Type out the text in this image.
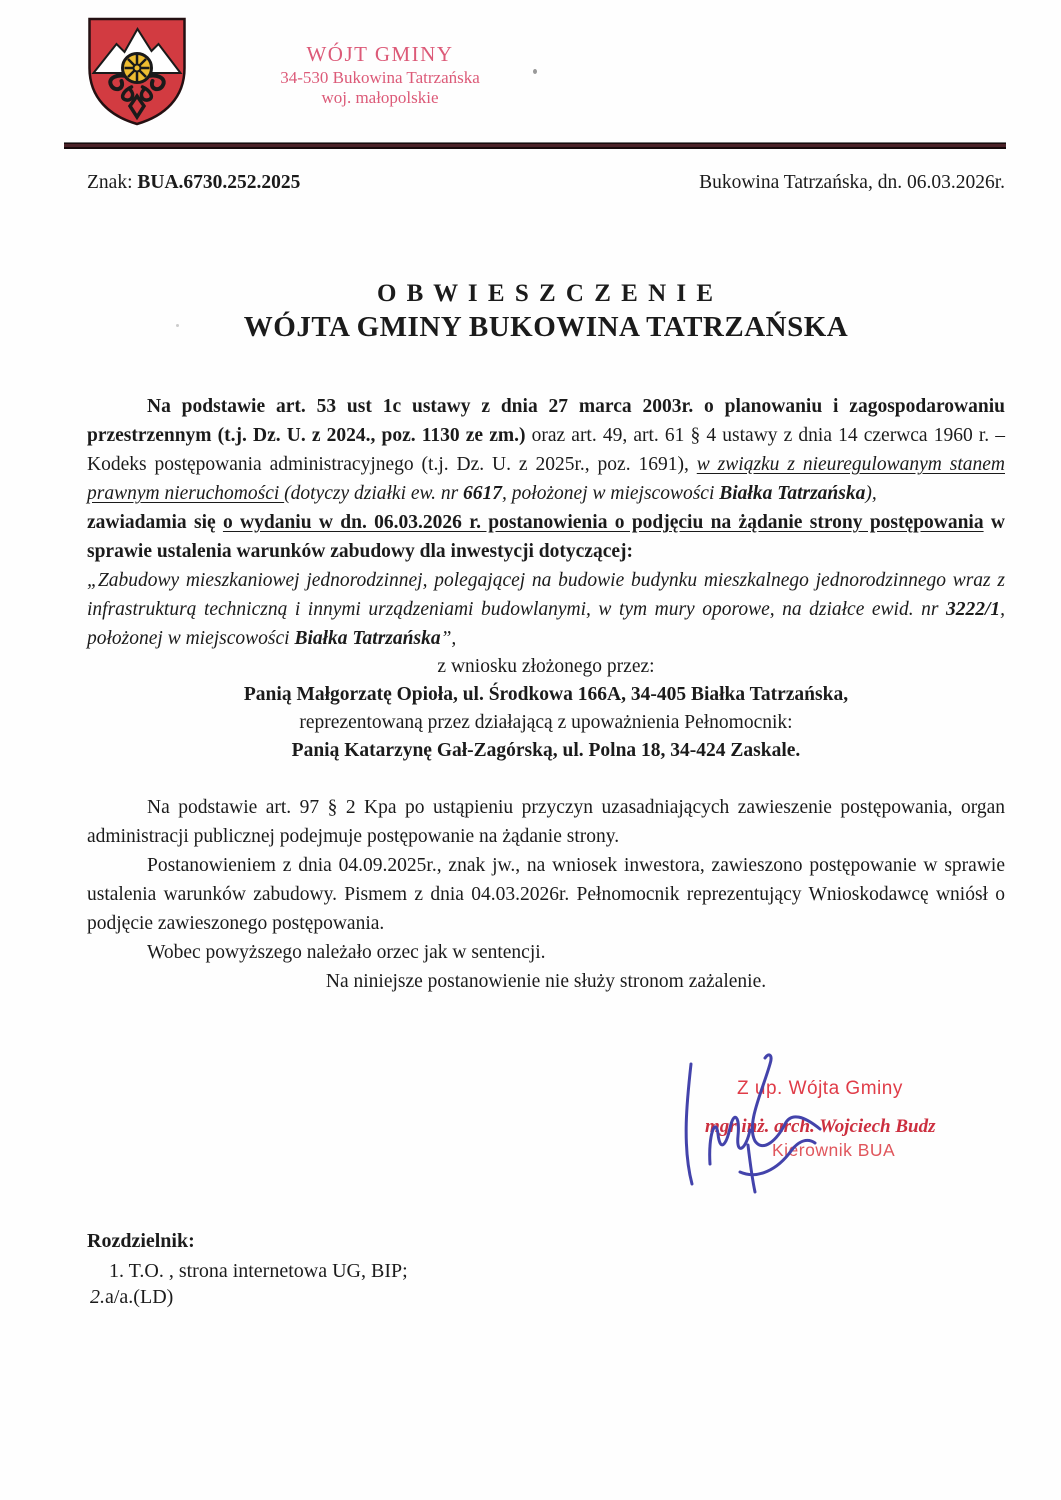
WÓJT GMINY
34-530 Bukowina Tatrzańska
woj. małopolskie
Znak: BUA.6730.252.2025	Bukowina Tatrzańska, dn. 06.03.2026r.
O B W I E S Z C Z E N I E
WÓJTA GMINY BUKOWINA TATRZAŃSKA

Na podstawie art. 53 ust 1c ustawy z dnia 27 marca 2003r. o planowaniu i zagospodarowaniu przestrzennym (t.j. Dz. U. z 2024., poz. 1130 ze zm.) oraz art. 49, art. 61 § 4 ustawy z dnia 14 czerwca 1960 r. – Kodeks postępowania administracyjnego (t.j. Dz. U. z 2025r., poz. 1691), w związku z nieuregulowanym stanem prawnym nieruchomości (dotyczy działki ew. nr 6617, położonej w miejscowości Białka Tatrzańska),

zawiadamia się o wydaniu w dn. 06.03.2026 r. postanowienia o podjęciu na żądanie strony postępowania w sprawie ustalenia warunków zabudowy dla inwestycji dotyczącej:

„Zabudowy mieszkaniowej jednorodzinnej, polegającej na budowie budynku mieszkalnego jednorodzinnego wraz z infrastrukturą techniczną i innymi urządzeniami budowlanymi, w tym mury oporowe, na działce ewid. nr 3222/1, położonej w miejscowości Białka Tatrzańska”,

z wniosku złożonego przez:

Panią Małgorzatę Opioła, ul. Środkowa 166A, 34-405 Białka Tatrzańska,

reprezentowaną przez działającą z upoważnienia Pełnomocnik:

Panią Katarzynę Gał-Zagórską, ul. Polna 18, 34-424 Zaskale.

Na podstawie art. 97 § 2 Kpa po ustąpieniu przyczyn uzasadniających zawieszenie postępowania, organ administracji publicznej podejmuje postępowanie na żądanie strony.

Postanowieniem z dnia 04.09.2025r., znak jw., na wniosek inwestora, zawieszono postępowanie w sprawie ustalenia warunków zabudowy. Pismem z dnia 04.03.2026r. Pełnomocnik reprezentujący Wnioskodawcę wniósł o podjęcie zawieszonego postępowania.

Wobec powyższego należało orzec jak w sentencji.

Na niniejsze postanowienie nie służy stronom zażalenie.

Z up. Wójta Gminy
mgr inż. arch. Wojciech Budz
Kierownik BUA
Rozdzielnik:
1. T.O. , strona internetowa UG, BIP;
2.a/a.(LD)
